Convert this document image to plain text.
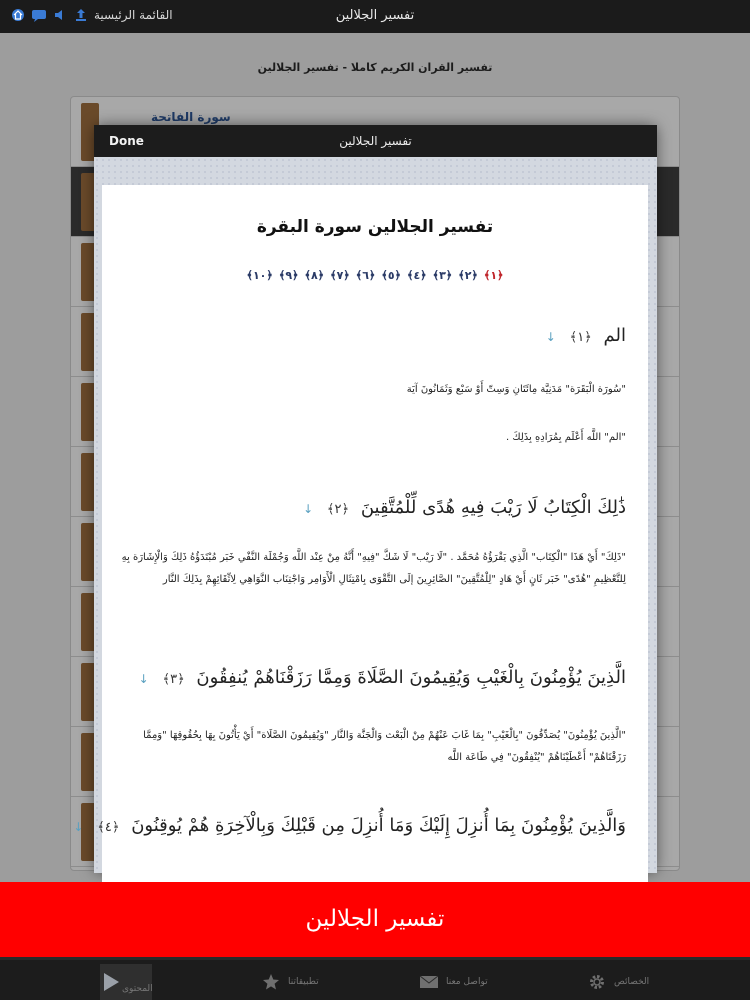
القائمة الرئيسية	تفسير الجلالين
تفسير القران الكريم كاملا - تفسير الجلالين
سورة الفاتحة
Done	تفسير الجلالين
تفسير الجلالين سورة البقرة
﴿١﴾
﴿٢﴾
﴿٣﴾
﴿٤﴾
﴿٥﴾
﴿٦﴾
﴿٧﴾
﴿٨﴾
﴿٩﴾
﴿١٠﴾
الم ﴿١﴾ ↓
"سُورَة الْبَقَرَة" مَدَنِيَّة مِائَتَانِ وَسِتّ أَوْ سَبْع وَثَمَانُونَ آيَة
"الم" اللَّه أَعْلَم بِمُرَادِهِ بِذَلِكَ .
ذَٰلِكَ الْكِتَابُ لَا رَيْبَ فِيهِ هُدًى لِّلْمُتَّقِينَ ﴿٢﴾ ↓
"ذَلِكَ" أَيْ هَذَا "الْكِتَاب" الَّذِي يَقْرَؤُهُ مُحَمَّد . "لَا رَيْب" لَا شَكَّ "فِيهِ" أَنَّهُ مِنْ عِنْد اللَّه وَجُمْلَة النَّفْي خَبَر مُبْتَدَؤُهُ ذَلِكَ وَالْإِشَارَة بِهِ لِلتَّعْظِيمِ "هُدًى" خَبَر ثَانٍ أَيْ هَادٍ "لِلْمُتَّقِينَ" الصَّائِرِينَ إلَى التَّقْوَى بِامْتِثَالِ الْأَوَامِر وَاجْتِنَاب النَّوَاهِي لِاتِّقَائِهِمْ بِذَلِكَ النَّار
الَّذِينَ يُؤْمِنُونَ بِالْغَيْبِ وَيُقِيمُونَ الصَّلَاةَ وَمِمَّا رَزَقْنَاهُمْ يُنفِقُونَ ﴿٣﴾ ↓
"الَّذِينَ يُؤْمِنُونَ" يُصَدِّقُونَ "بِالْغَيْبِ" بِمَا غَابَ عَنْهُمْ مِنْ الْبَعْث وَالْجَنَّة وَالنَّار "وَيُقِيمُونَ الصَّلَاة" أَيْ يَأْتُونَ بِهَا بِحُقُوقِهَا "وَمِمَّا رَزَقْنَاهُمْ" أَعْطَيْنَاهُمْ "يُنْفِقُونَ" فِي طَاعَة اللَّه
وَالَّذِينَ يُؤْمِنُونَ بِمَا أُنزِلَ إِلَيْكَ وَمَا أُنزِلَ مِن قَبْلِكَ وَبِالْآخِرَةِ هُمْ يُوقِنُونَ ﴿٤﴾ ↓
تفسير الجلالين
المحتوى
تطبيقاتنا	تواصل معنا	الخصائص
